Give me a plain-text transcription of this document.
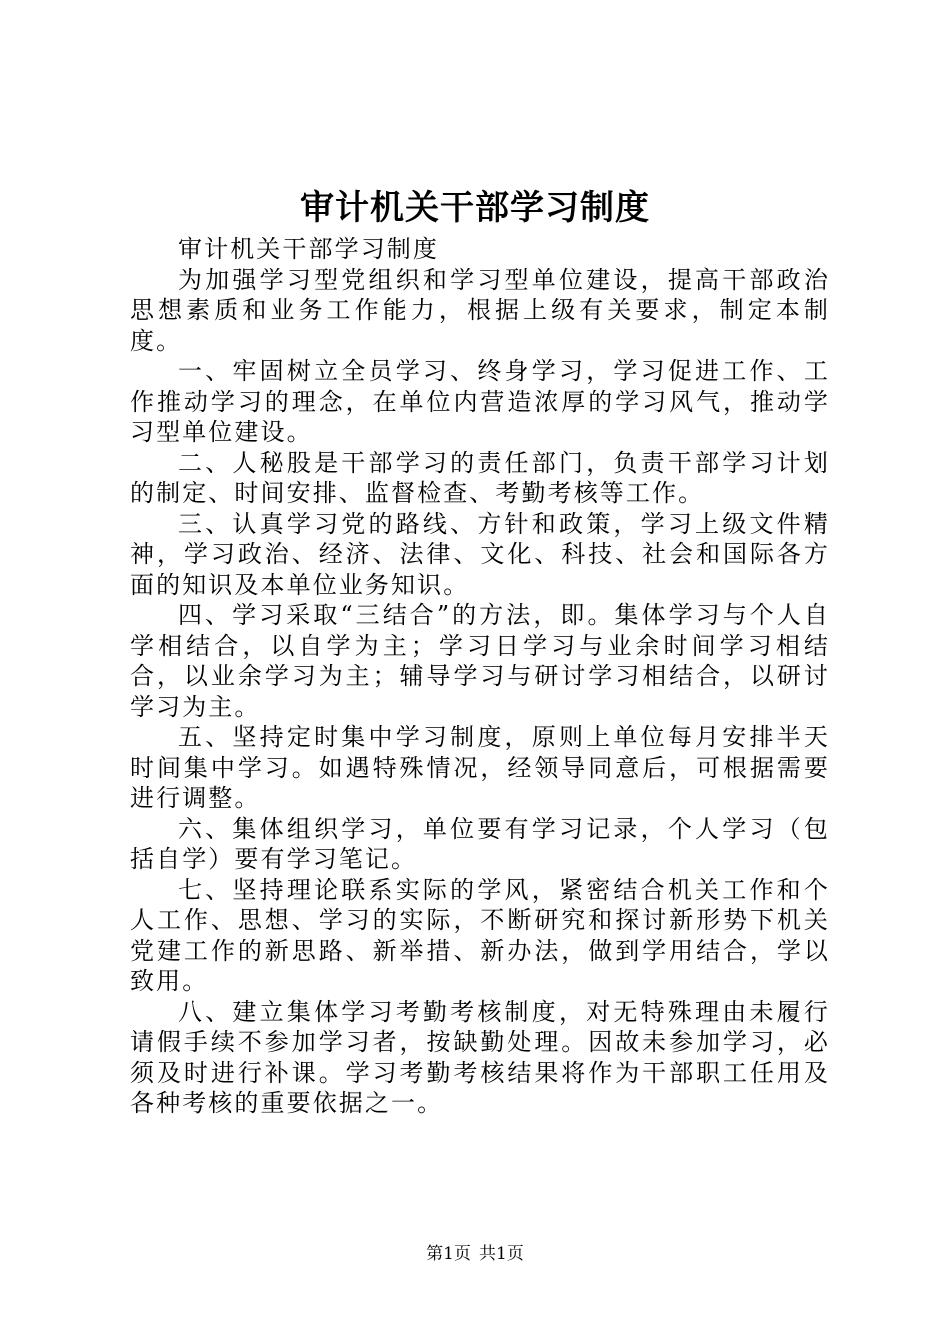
审计机关干部学习制度

审计机关干部学习制度

为加强学习型党组织和学习型单位建设，提高干部政治思想素质和业务工作能力，根据上级有关要求，制定本制度。

一、牢固树立全员学习、终身学习，学习促进工作、工作推动学习的理念，在单位内营造浓厚的学习风气，推动学习型单位建设。

二、人秘股是干部学习的责任部门，负责干部学习计划的制定、时间安排、监督检查、考勤考核等工作。

三、认真学习党的路线、方针和政策，学习上级文件精神，学习政治、经济、法律、文化、科技、社会和国际各方面的知识及本单位业务知识。

四、学习采取“三结合”的方法，即。集体学习与个人自学相结合，以自学为主；学习日学习与业余时间学习相结合，以业余学习为主；辅导学习与研讨学习相结合，以研讨学习为主。

五、坚持定时集中学习制度，原则上单位每月安排半天时间集中学习。如遇特殊情况，经领导同意后，可根据需要进行调整。

六、集体组织学习，单位要有学习记录，个人学习（包括自学）要有学习笔记。

七、坚持理论联系实际的学风，紧密结合机关工作和个人工作、思想、学习的实际，不断研究和探讨新形势下机关党建工作的新思路、新举措、新办法，做到学用结合，学以致用。

八、建立集体学习考勤考核制度，对无特殊理由未履行请假手续不参加学习者，按缺勤处理。因故未参加学习，必须及时进行补课。学习考勤考核结果将作为干部职工任用及各种考核的重要依据之一。

第1页 共1页
